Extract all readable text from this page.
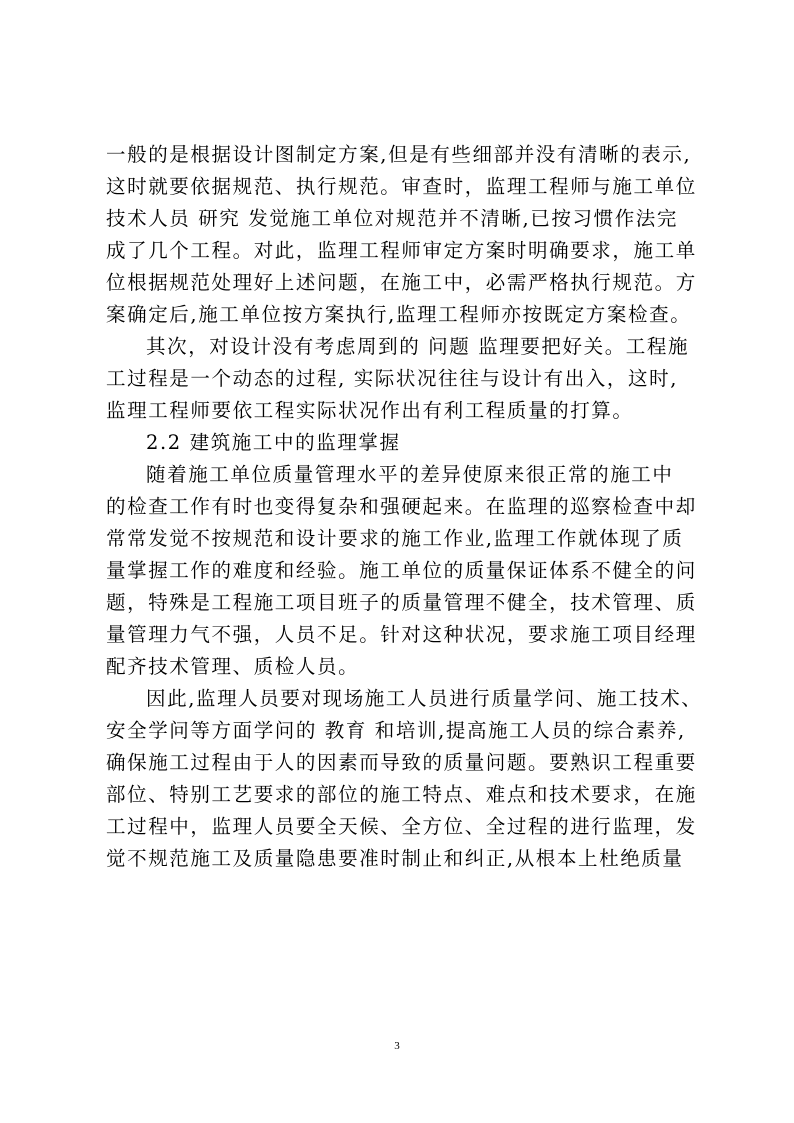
一般的是根据设计图制定方案,但是有些细部并没有清晰的表示,
这时就要依据规范、执行规范。审查时，监理工程师与施工单位
技术人员 研究 发觉施工单位对规范并不清晰,已按习惯作法完
成了几个工程。对此，监理工程师审定方案时明确要求，施工单
位根据规范处理好上述问题，在施工中，必需严格执行规范。方
案确定后,施工单位按方案执行,监理工程师亦按既定方案检查。
其次，对设计没有考虑周到的 问题 监理要把好关。工程施
工过程是一个动态的过程, 实际状况往往与设计有出入，这时,
监理工程师要依工程实际状况作出有利工程质量的打算。
2.2 建筑施工中的监理掌握
随着施工单位质量管理水平的差异使原来很正常的施工中
的检查工作有时也变得复杂和强硬起来。在监理的巡察检查中却
常常发觉不按规范和设计要求的施工作业,监理工作就体现了质
量掌握工作的难度和经验。施工单位的质量保证体系不健全的问
题，特殊是工程施工项目班子的质量管理不健全，技术管理、质
量管理力气不强，人员不足。针对这种状况，要求施工项目经理
配齐技术管理、质检人员。
因此,监理人员要对现场施工人员进行质量学问、施工技术、
安全学问等方面学问的 教育 和培训,提高施工人员的综合素养,
确保施工过程由于人的因素而导致的质量问题。要熟识工程重要
部位、特别工艺要求的部位的施工特点、难点和技术要求，在施
工过程中，监理人员要全天候、全方位、全过程的进行监理，发
觉不规范施工及质量隐患要准时制止和纠正,从根本上杜绝质量
3
